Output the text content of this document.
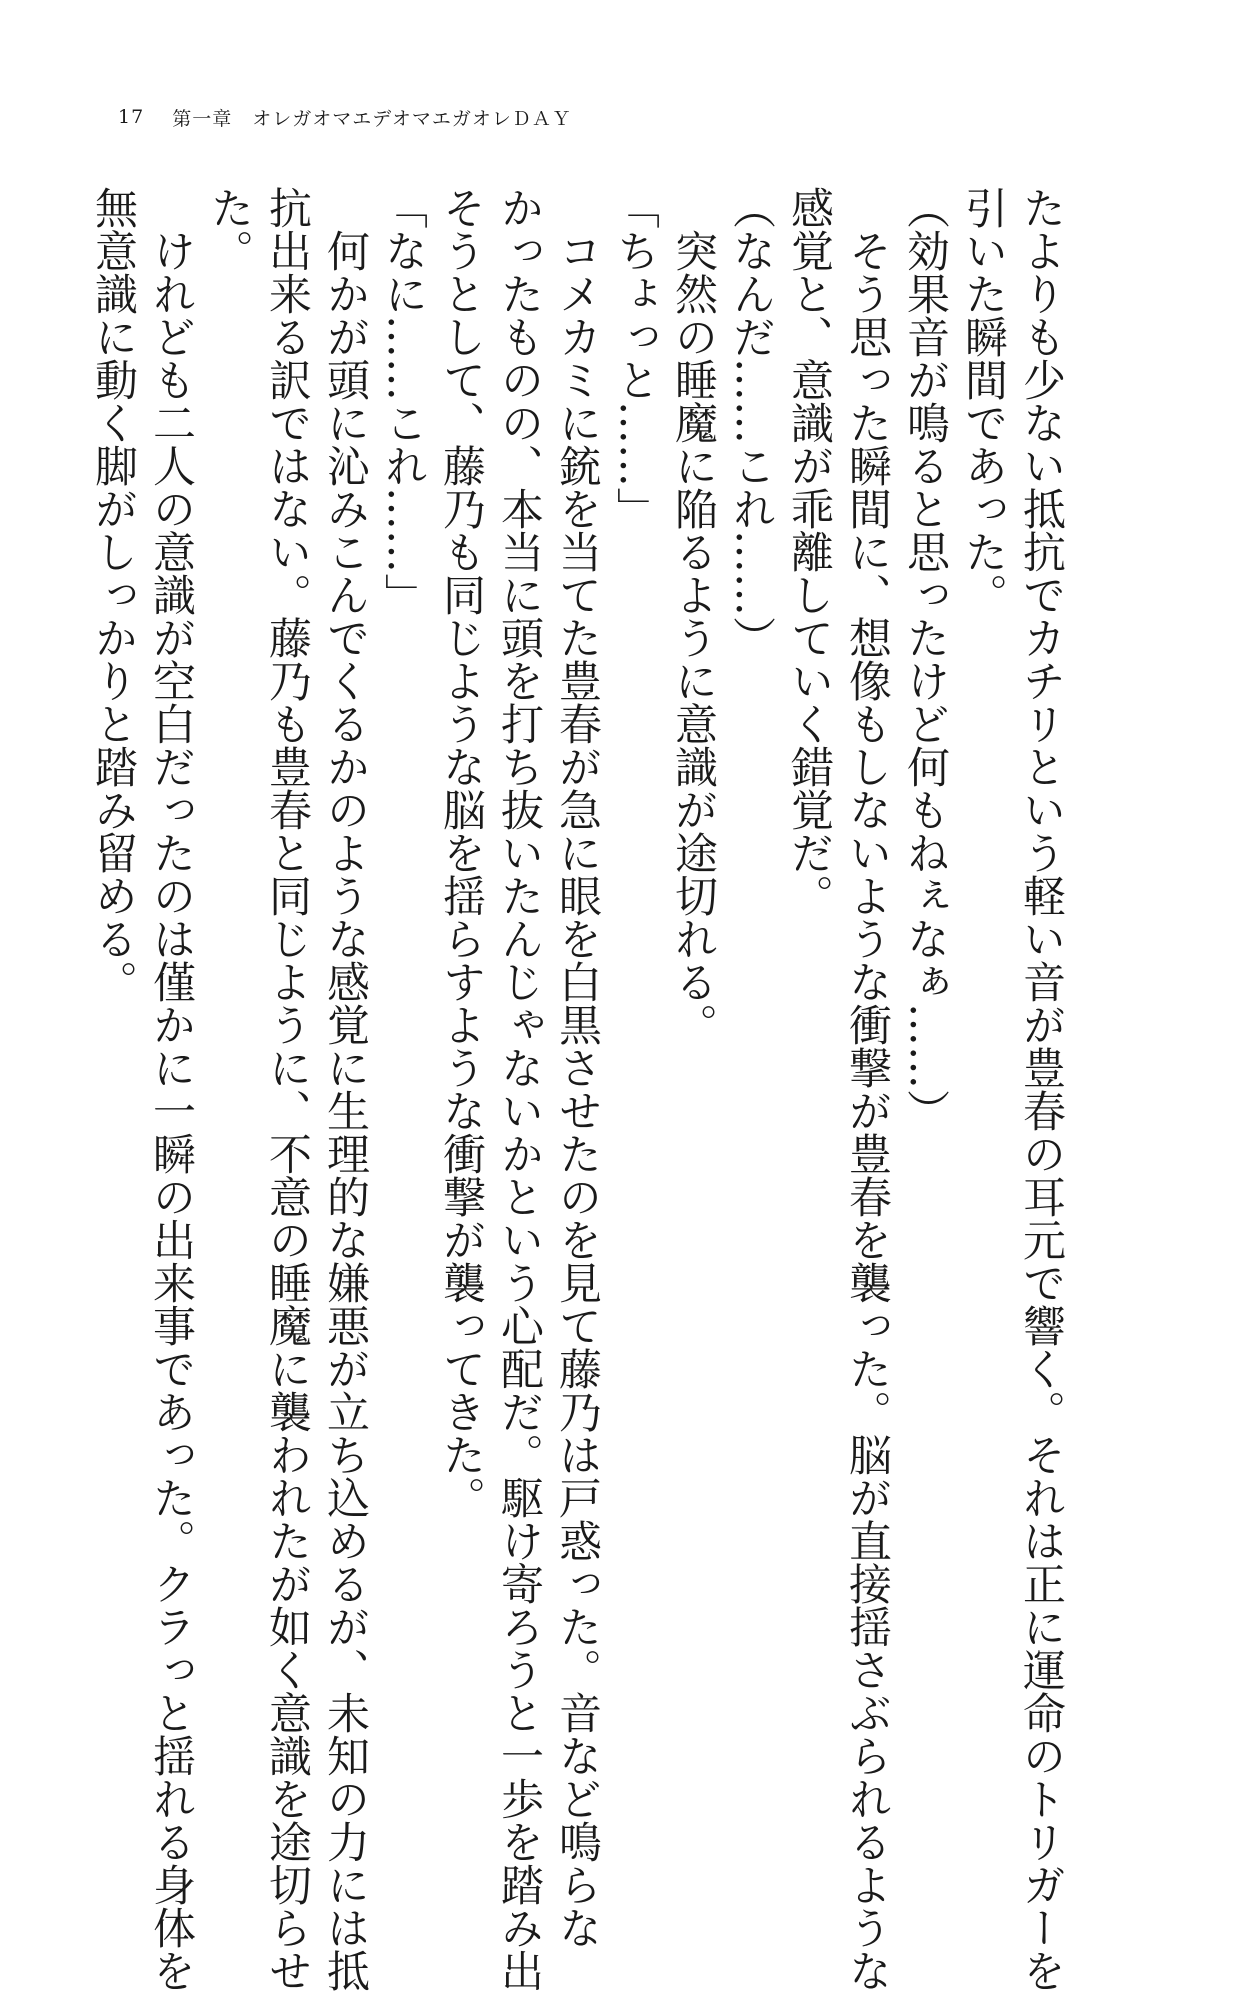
17 第一章 オレガオマエデオマエガオレＤＡＹ

たよりも少ない抵抗でカチリという軽い音が豊春の耳元で響く。それは正に運命のトリガーを

引いた瞬間であった。

（効果音が鳴ると思ったけど何もねぇなぁ……）

　そう思った瞬間に、想像もしないような衝撃が豊春を襲った。脳が直接揺さぶられるような

感覚と、意識が乖離していく錯覚だ。

（なんだ……これ……）

　突然の睡魔に陥るように意識が途切れる。

「ちょっと……」

　コメカミに銃を当てた豊春が急に眼を白黒させたのを見て藤乃は戸惑った。音など鳴らな

かったものの、本当に頭を打ち抜いたんじゃないかという心配だ。駆け寄ろうと一歩を踏み出

そうとして、藤乃も同じような脳を揺らすような衝撃が襲ってきた。

「なに……これ……」

　何かが頭に沁みこんでくるかのような感覚に生理的な嫌悪が立ち込めるが、未知の力には抵

抗出来る訳ではない。藤乃も豊春と同じように、不意の睡魔に襲われたが如く意識を途切らせ

た。

　けれども二人の意識が空白だったのは僅かに一瞬の出来事であった。クラっと揺れる身体を

無意識に動く脚がしっかりと踏み留める。
